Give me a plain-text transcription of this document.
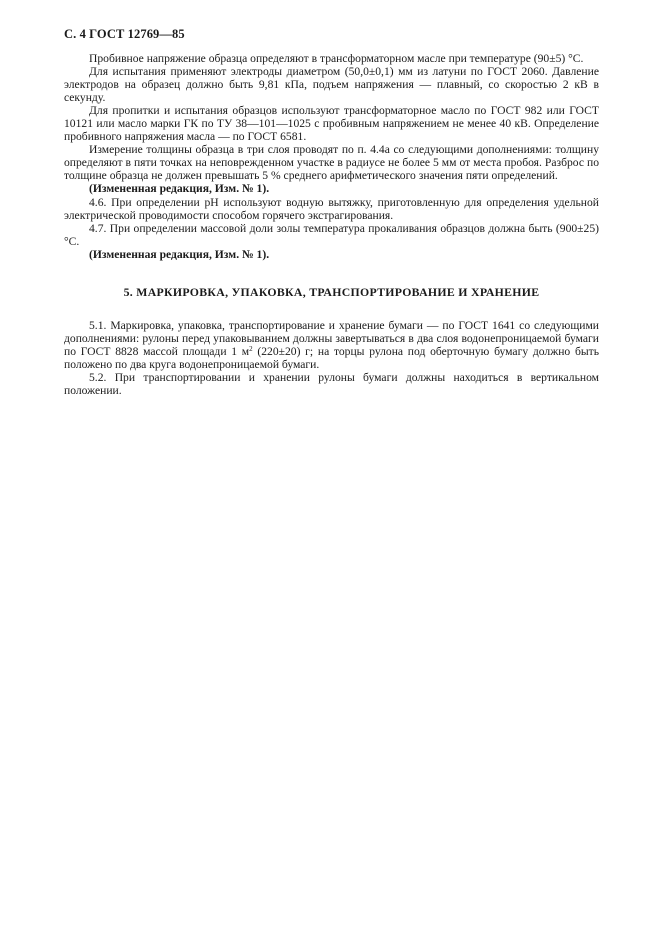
С. 4 ГОСТ 12769—85

Пробивное напряжение образца определяют в трансформаторном масле при температуре (90±5) °С.

Для испытания применяют электроды диаметром (50,0±0,1) мм из латуни по ГОСТ 2060. Давление электродов на образец должно быть 9,81 кПа, подъем напряжения — плавный, со скоростью 2 кВ в секунду.

Для пропитки и испытания образцов используют трансформаторное масло по ГОСТ 982 или ГОСТ 10121 или масло марки ГК по ТУ 38—101—1025 с пробивным напряжением не менее 40 кВ. Определение пробивного напряжения масла — по ГОСТ 6581.

Измерение толщины образца в три слоя проводят по п. 4.4а со следующими дополнениями: толщину определяют в пяти точках на неповрежденном участке в радиусе не более 5 мм от места пробоя. Разброс по толщине образца не должен превышать 5 % среднего арифметического значения пяти определений.

(Измененная редакция, Изм. № 1).

4.6. При определении рН используют водную вытяжку, приготовленную для определения удельной электрической проводимости способом горячего экстрагирования.

4.7. При определении массовой доли золы температура прокаливания образцов должна быть (900±25) °С.

(Измененная редакция, Изм. № 1).

5. МАРКИРОВКА, УПАКОВКА, ТРАНСПОРТИРОВАНИЕ И ХРАНЕНИЕ

5.1. Маркировка, упаковка, транспортирование и хранение бумаги — по ГОСТ 1641 со следующими дополнениями: рулоны перед упаковыванием должны завертываться в два слоя водонепроницаемой бумаги по ГОСТ 8828 массой площади 1 $м^2$ (220±20) г; на торцы рулона под оберточную бумагу должно быть положено по два круга водонепроницаемой бумаги.

5.2. При транспортировании и хранении рулоны бумаги должны находиться в вертикальном положении.
